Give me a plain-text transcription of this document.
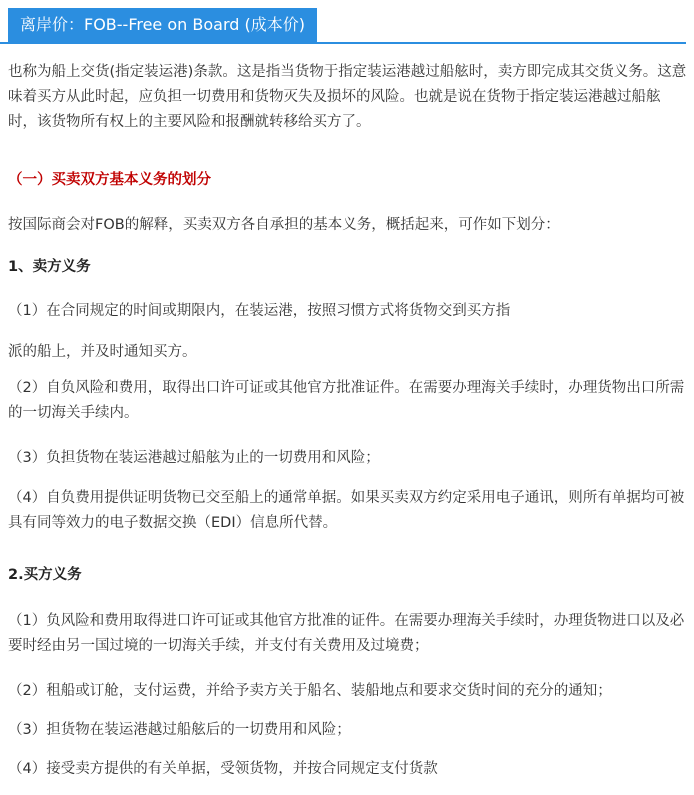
离岸价：FOB--Free on Board (成本价)

也称为船上交货(指定装运港)条款。这是指当货物于指定装运港越过船舷时，卖方即完成其交货义务。这意味着买方从此时起，应负担一切费用和货物灭失及损坏的风险。也就是说在货物于指定装运港越过船舷时，该货物所有权上的主要风险和报酬就转移给买方了。

（一）买卖双方基本义务的划分

按国际商会对FOB的解释，买卖双方各自承担的基本义务，概括起来，可作如下划分：

1、卖方义务

（1）在合同规定的时间或期限内，在装运港，按照习惯方式将货物交到买方指

派的船上，并及时通知买方。

（2）自负风险和费用，取得出口许可证或其他官方批准证件。在需要办理海关手续时，办理货物出口所需的一切海关手续内。

（3）负担货物在装运港越过船舷为止的一切费用和风险；

（4）自负费用提供证明货物已交至船上的通常单据。如果买卖双方约定采用电子通讯，则所有单据均可被具有同等效力的电子数据交换（EDI）信息所代替。

2.买方义务

（1）负风险和费用取得进口许可证或其他官方批准的证件。在需要办理海关手续时，办理货物进口以及必要时经由另一国过境的一切海关手续，并支付有关费用及过境费；

（2）租船或订舱，支付运费，并给予卖方关于船名、装船地点和要求交货时间的充分的通知；

（3）担货物在装运港越过船舷后的一切费用和风险；

（4）接受卖方提供的有关单据，受领货物，并按合同规定支付货款
